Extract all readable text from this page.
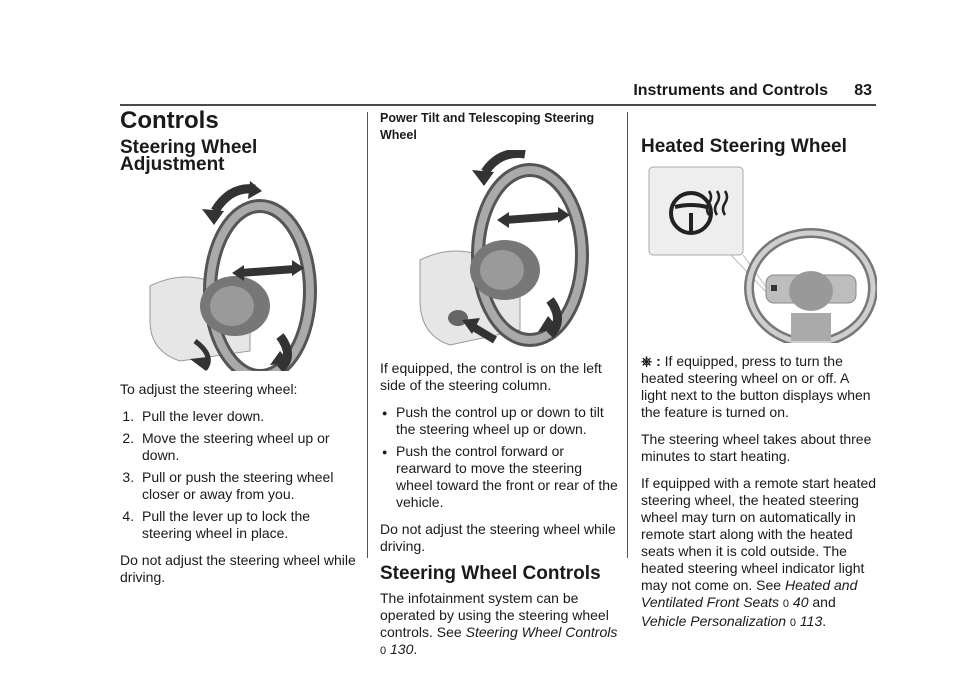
Instruments and Controls 83
Controls
Steering Wheel Adjustment

To adjust the steering wheel:

1. Pull the lever down.
2. Move the steering wheel up or down.
3. Pull or push the steering wheel closer or away from you.
4. Pull the lever up to lock the steering wheel in place.

Do not adjust the steering wheel while driving.

Power Tilt and Telescoping Steering Wheel

If equipped, the control is on the left side of the steering column.

● Push the control up or down to tilt the steering wheel up or down.
● Push the control forward or rearward to move the steering wheel toward the front or rear of the vehicle.

Do not adjust the steering wheel while driving.

Steering Wheel Controls

The infotainment system can be operated by using the steering wheel controls. See Steering Wheel Controls 0 130.

Heated Steering Wheel

⎈ : If equipped, press to turn the heated steering wheel on or off. A light next to the button displays when the feature is turned on.

The steering wheel takes about three minutes to start heating.

If equipped with a remote start heated steering wheel, the heated steering wheel may turn on automatically in remote start along with the heated seats when it is cold outside. The heated steering wheel indicator light may not come on. See Heated and Ventilated Front Seats 0 40 and Vehicle Personalization 0 113.
